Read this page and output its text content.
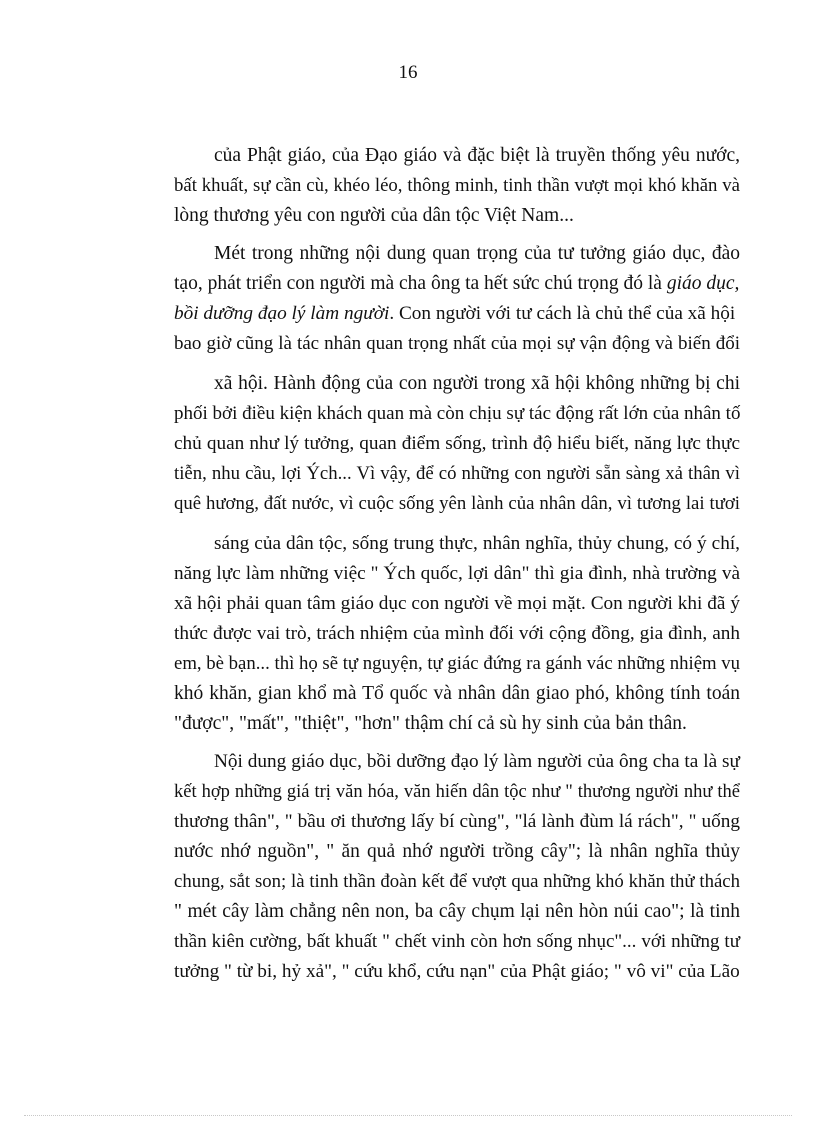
16
của Phật giáo, của Đạo giáo và đặc biệt là truyền thống yêu nước,
bất khuất, sự cần cù, khéo léo, thông minh, tinh thần vượt mọi khó khăn và
lòng thương yêu con người của dân tộc Việt Nam...
Mét trong những nội dung quan trọng của tư tưởng giáo dục, đào
tạo, phát triển con người mà cha ông ta hết sức chú trọng đó là giáo dục,
bồi dưỡng đạo lý làm người. Con người với tư cách là chủ thể của xã hội
bao giờ cũng là tác nhân quan trọng nhất của mọi sự vận động và biến đổi
xã hội. Hành động của con người trong xã hội không những bị chi
phối bởi điều kiện khách quan mà còn chịu sự tác động rất lớn của nhân tố
chủ quan như lý tưởng, quan điểm sống, trình độ hiểu biết, năng lực thực
tiễn, nhu cầu, lợi Ých... Vì vậy, để có những con người sẵn sàng xả thân vì
quê hương, đất nước, vì cuộc sống yên lành của nhân dân, vì tương lai tươi
sáng của dân tộc, sống trung thực, nhân nghĩa, thủy chung, có ý chí,
năng lực làm những việc " Ých quốc, lợi dân" thì gia đình, nhà trường và
xã hội phải quan tâm giáo dục con người về mọi mặt. Con người khi đã ý
thức được vai trò, trách nhiệm của mình đối với cộng đồng, gia đình, anh
em, bè bạn... thì họ sẽ tự nguyện, tự giác đứng ra gánh vác những nhiệm vụ
khó khăn, gian khổ mà Tổ quốc và nhân dân giao phó, không tính toán
"được", "mất", "thiệt", "hơn" thậm chí cả sù hy sinh của bản thân.
Nội dung giáo dục, bồi dưỡng đạo lý làm người của ông cha ta là sự
kết hợp những giá trị văn hóa, văn hiến dân tộc như " thương người như thể
thương thân", " bầu ơi thương lấy bí cùng", "lá lành đùm lá rách", " uống
nước nhớ nguồn", " ăn quả nhớ người trồng cây"; là nhân nghĩa thủy
chung, sắt son; là tinh thần đoàn kết để vượt qua những khó khăn thử thách
" mét cây làm chẳng nên non, ba cây chụm lại nên hòn núi cao"; là tinh
thần kiên cường, bất khuất " chết vinh còn hơn sống nhục"... với những tư
tưởng " từ bi, hỷ xả", " cứu khổ, cứu nạn" của Phật giáo; " vô vi" của Lão
